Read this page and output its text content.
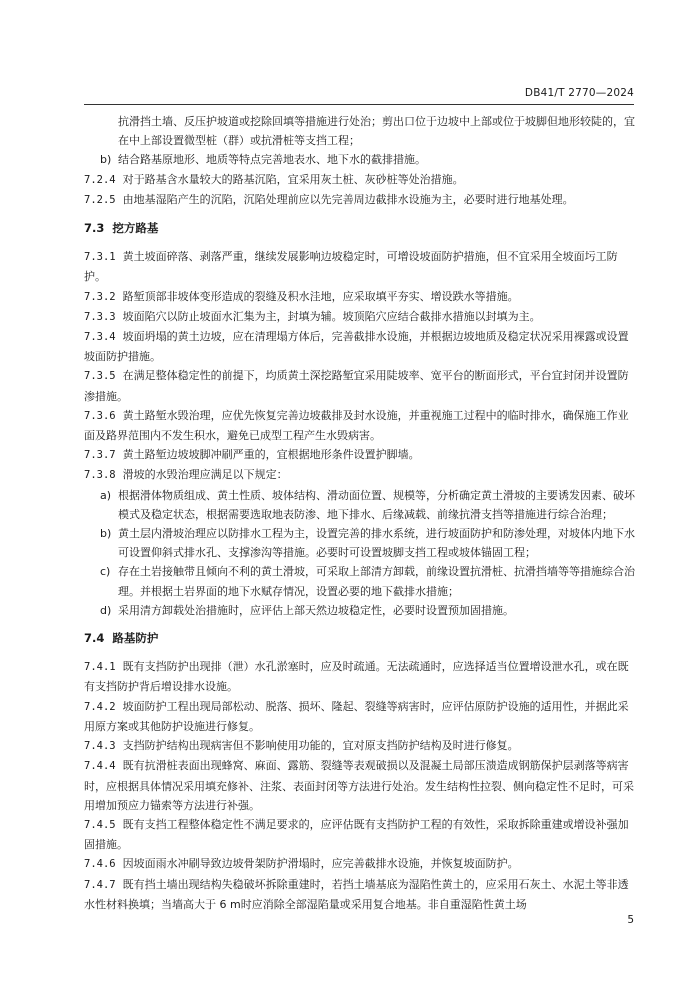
DB41/T 2770—2024
抗滑挡土墙、反压护坡道或挖除回填等措施进行处治；剪出口位于边坡中上部或位于坡脚但地形较陡的，宜在中上部设置微型桩（群）或抗滑桩等支挡工程；
b) 结合路基原地形、地质等特点完善地表水、地下水的截排措施。
7.2.4 对于路基含水量较大的路基沉陷，宜采用灰土桩、灰砂桩等处治措施。
7.2.5 由地基湿陷产生的沉陷，沉陷处理前应以先完善周边截排水设施为主，必要时进行地基处理。
7.3 挖方路基
7.3.1 黄土坡面碎落、剥落严重，继续发展影响边坡稳定时，可增设坡面防护措施，但不宜采用全坡面圬工防护。
7.3.2 路堑顶部非坡体变形造成的裂缝及积水洼地，应采取填平夯实、增设跌水等措施。
7.3.3 坡面陷穴以防止坡面水汇集为主，封填为辅。坡顶陷穴应结合截排水措施以封填为主。
7.3.4 坡面坍塌的黄土边坡，应在清理塌方体后，完善截排水设施，并根据边坡地质及稳定状况采用裸露或设置坡面防护措施。
7.3.5 在满足整体稳定性的前提下，均质黄土深挖路堑宜采用陡坡率、宽平台的断面形式，平台宜封闭并设置防渗措施。
7.3.6 黄土路堑水毁治理，应优先恢复完善边坡截排及封水设施，并重视施工过程中的临时排水，确保施工作业面及路界范围内不发生积水，避免已成型工程产生水毁病害。
7.3.7 黄土路堑边坡坡脚冲刷严重的，宜根据地形条件设置护脚墙。
7.3.8 滑坡的水毁治理应满足以下规定：
a) 根据滑体物质组成、黄土性质、坡体结构、滑动面位置、规模等，分析确定黄土滑坡的主要诱发因素、破坏模式及稳定状态，根据需要选取地表防渗、地下排水、后缘减载、前缘抗滑支挡等措施进行综合治理；
b) 黄土层内滑坡治理应以防排水工程为主，设置完善的排水系统，进行坡面防护和防渗处理，对坡体内地下水可设置仰斜式排水孔、支撑渗沟等措施。必要时可设置坡脚支挡工程或坡体锚固工程；
c) 存在土岩接触带且倾向不利的黄土滑坡，可采取上部清方卸载，前缘设置抗滑桩、抗滑挡墙等等措施综合治理。并根据土岩界面的地下水赋存情况，设置必要的地下截排水措施；
d) 采用清方卸载处治措施时，应评估上部天然边坡稳定性，必要时设置预加固措施。
7.4 路基防护
7.4.1 既有支挡防护出现排（泄）水孔淤塞时，应及时疏通。无法疏通时，应选择适当位置增设泄水孔，或在既有支挡防护背后增设排水设施。
7.4.2 坡面防护工程出现局部松动、脱落、损坏、隆起、裂缝等病害时，应评估原防护设施的适用性，并据此采用原方案或其他防护设施进行修复。
7.4.3 支挡防护结构出现病害但不影响使用功能的，宜对原支挡防护结构及时进行修复。
7.4.4 既有抗滑桩表面出现蜂窝、麻面、露筋、裂缝等表观破损以及混凝土局部压溃造成钢筋保护层剥落等病害时，应根据具体情况采用填充修补、注浆、表面封闭等方法进行处治。发生结构性拉裂、侧向稳定性不足时，可采用增加预应力锚索等方法进行补强。
7.4.5 既有支挡工程整体稳定性不满足要求的，应评估既有支挡防护工程的有效性，采取拆除重建或增设补强加固措施。
7.4.6 因坡面雨水冲刷导致边坡骨架防护滑塌时，应完善截排水设施，并恢复坡面防护。
7.4.7 既有挡土墙出现结构失稳破坏拆除重建时，若挡土墙基底为湿陷性黄土的，应采用石灰土、水泥土等非透水性材料换填；当墙高大于 6 m时应消除全部湿陷量或采用复合地基。非自重湿陷性黄土场
5
